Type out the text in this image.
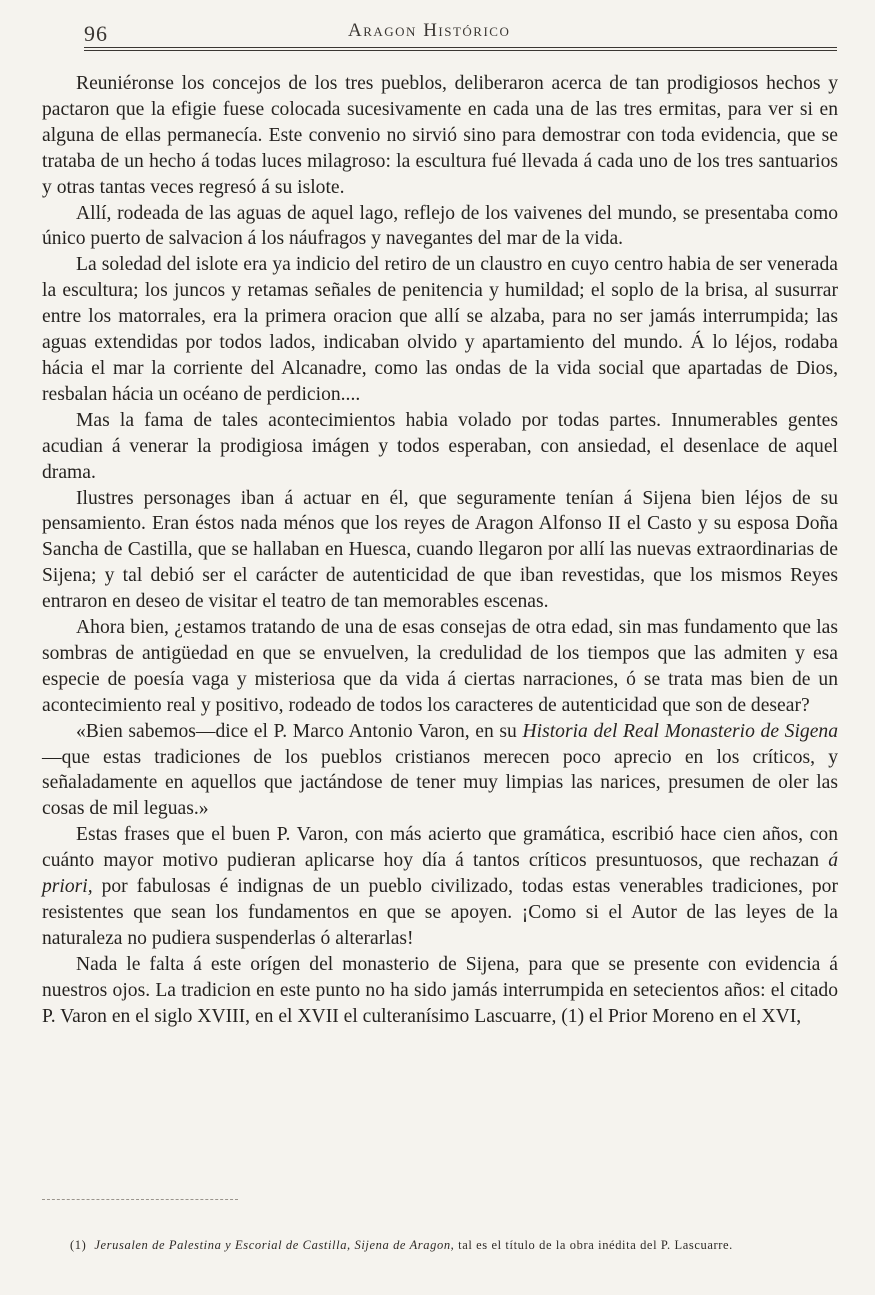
96	Aragon Histórico

Reuniéronse los concejos de los tres pueblos, deliberaron acerca de tan prodigiosos hechos y pactaron que la efigie fuese colocada sucesivamente en cada una de las tres ermitas, para ver si en alguna de ellas permanecía. Este convenio no sirvió sino para demostrar con toda evidencia, que se trataba de un hecho á todas luces milagroso: la escultura fué llevada á cada uno de los tres santuarios y otras tantas veces regresó á su islote.

Allí, rodeada de las aguas de aquel lago, reflejo de los vaivenes del mundo, se presentaba como único puerto de salvacion á los náufragos y navegantes del mar de la vida.

La soledad del islote era ya indicio del retiro de un claustro en cuyo centro habia de ser venerada la escultura; los juncos y retamas señales de penitencia y humildad; el soplo de la brisa, al susurrar entre los matorrales, era la primera oracion que allí se alzaba, para no ser jamás interrumpida; las aguas extendidas por todos lados, indicaban olvido y apartamiento del mundo. Á lo léjos, rodaba hácia el mar la corriente del Alcanadre, como las ondas de la vida social que apartadas de Dios, resbalan hácia un océano de perdicion....

Mas la fama de tales acontecimientos habia volado por todas partes. Innumerables gentes acudian á venerar la prodigiosa imágen y todos esperaban, con ansiedad, el desenlace de aquel drama.

Ilustres personages iban á actuar en él, que seguramente tenían á Sijena bien léjos de su pensamiento. Eran éstos nada ménos que los reyes de Aragon Alfonso II el Casto y su esposa Doña Sancha de Castilla, que se hallaban en Huesca, cuando llegaron por allí las nuevas extraordinarias de Sijena; y tal debió ser el carácter de autenticidad de que iban revestidas, que los mismos Reyes entraron en deseo de visitar el teatro de tan memorables escenas.

Ahora bien, ¿estamos tratando de una de esas consejas de otra edad, sin mas fundamento que las sombras de antigüedad en que se envuelven, la credulidad de los tiempos que las admiten y esa especie de poesía vaga y misteriosa que da vida á ciertas narraciones, ó se trata mas bien de un acontecimiento real y positivo, rodeado de todos los caracteres de autenticidad que son de desear?

«Bien sabemos—dice el P. Marco Antonio Varon, en su Historia del Real Monasterio de Sigena—que estas tradiciones de los pueblos cristianos merecen poco aprecio en los críticos, y señaladamente en aquellos que jactándose de tener muy limpias las narices, presumen de oler las cosas de mil leguas.»

Estas frases que el buen P. Varon, con más acierto que gramática, escribió hace cien años, con cuánto mayor motivo pudieran aplicarse hoy día á tantos críticos presuntuosos, que rechazan á priori, por fabulosas é indignas de un pueblo civilizado, todas estas venerables tradiciones, por resistentes que sean los fundamentos en que se apoyen. ¡Como si el Autor de las leyes de la naturaleza no pudiera suspenderlas ó alterarlas!

Nada le falta á este orígen del monasterio de Sijena, para que se presente con evidencia á nuestros ojos. La tradicion en este punto no ha sido jamás interrumpida en setecientos años: el citado P. Varon en el siglo XVIII, en el XVII el culteranísimo Lascuarre, (1) el Prior Moreno en el XVI,

(1) Jerusalen de Palestina y Escorial de Castilla, Sijena de Aragon, tal es el título de la obra inédita del P. Lascuarre.
